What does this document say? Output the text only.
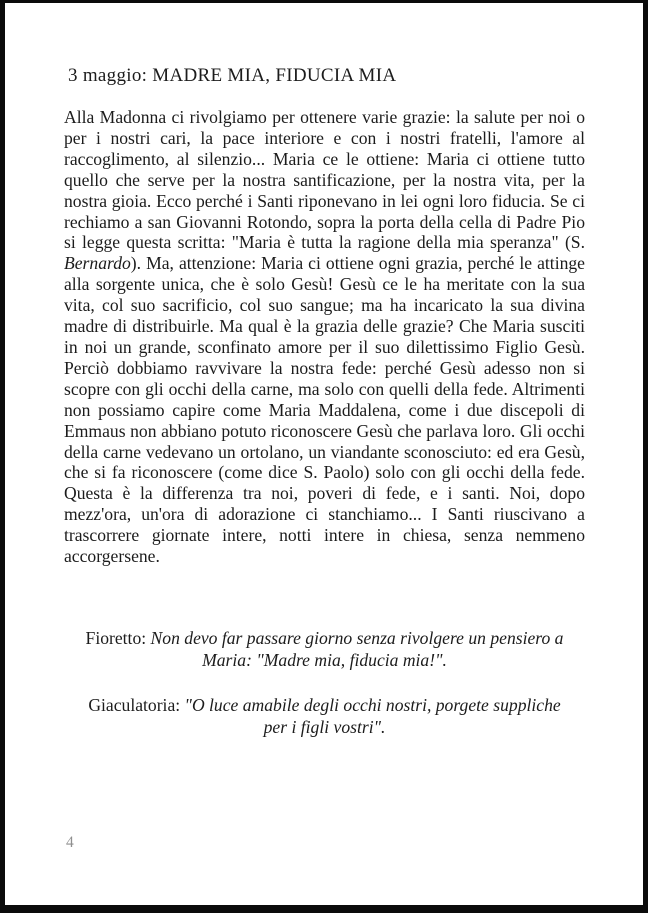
3 maggio: MADRE MIA, FIDUCIA MIA
Alla Madonna ci rivolgiamo per ottenere varie grazie: la salute per noi o per i nostri cari, la pace interiore e con i nostri fratelli, l'amore al raccoglimento, al silenzio... Maria ce le ottiene: Maria ci ottiene tutto quello che serve per la nostra santificazione, per la nostra vita, per la nostra gioia. Ecco perché i Santi riponevano in lei ogni loro fiducia. Se ci rechiamo a san Giovanni Rotondo, sopra la porta della cella di Padre Pio si legge questa scritta: "Maria è tutta la ragione della mia speranza" (S. Bernardo). Ma, attenzione: Maria ci ottiene ogni grazia, perché le attinge alla sorgente unica, che è solo Gesù! Gesù ce le ha meritate con la sua vita, col suo sacrificio, col suo sangue; ma ha incaricato la sua divina madre di distribuirle. Ma qual è la grazia delle grazie? Che Maria susciti in noi un grande, sconfinato amore per il suo dilettissimo Figlio Gesù. Perciò dobbiamo ravvivare la nostra fede: perché Gesù adesso non si scopre con gli occhi della carne, ma solo con quelli della fede. Altrimenti non possiamo capire come Maria Maddalena, come i due discepoli di Emmaus non abbiano potuto riconoscere Gesù che parlava loro. Gli occhi della carne vedevano un ortolano, un viandante sconosciuto: ed era Gesù, che si fa riconoscere (come dice S. Paolo) solo con gli occhi della fede. Questa è la differenza tra noi, poveri di fede, e i santi. Noi, dopo mezz'ora, un'ora di adorazione ci stanchiamo... I Santi riuscivano a trascorrere giornate intere, notti intere in chiesa, senza nemmeno accorgersene.
Fioretto: Non devo far passare giorno senza rivolgere un pensiero a Maria: "Madre mia, fiducia mia!".
Giaculatoria: "O luce amabile degli occhi nostri, porgete suppliche per i figli vostri".
4
